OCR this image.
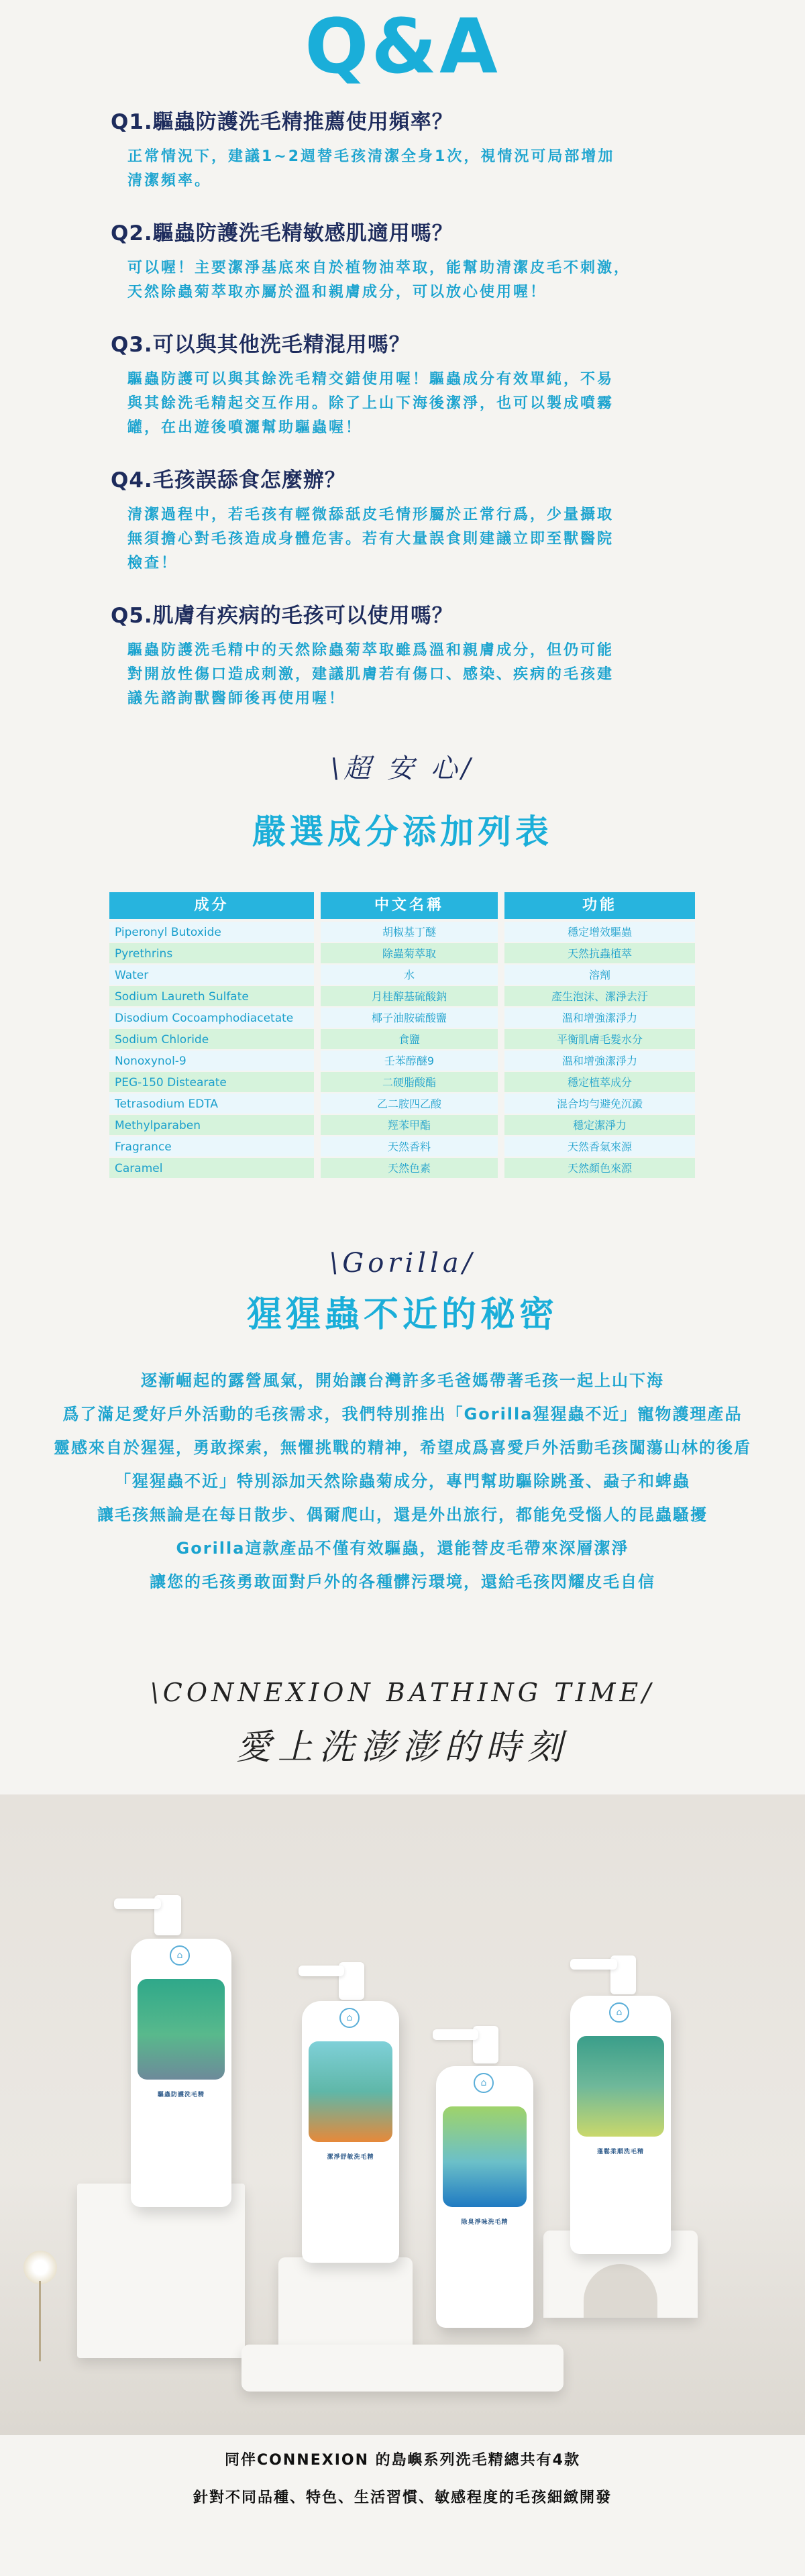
Q&A
Q1.驅蟲防護洗毛精推薦使用頻率？
正常情況下，建議1~2週替毛孩清潔全身1次，視情況可局部增加
清潔頻率。
Q2.驅蟲防護洗毛精敏感肌適用嗎？
可以喔！主要潔淨基底來自於植物油萃取，能幫助清潔皮毛不刺激，
天然除蟲菊萃取亦屬於溫和親膚成分，可以放心使用喔！
Q3.可以與其他洗毛精混用嗎？
驅蟲防護可以與其餘洗毛精交錯使用喔！驅蟲成分有效單純，不易
與其餘洗毛精起交互作用。除了上山下海後潔淨，也可以製成噴霧
罐，在出遊後噴灑幫助驅蟲喔！
Q4.毛孩誤舔食怎麼辦？
清潔過程中，若毛孩有輕微舔舐皮毛情形屬於正常行爲，少量攝取
無須擔心對毛孩造成身體危害。若有大量誤食則建議立即至獸醫院
檢查！
Q5.肌膚有疾病的毛孩可以使用嗎？
驅蟲防護洗毛精中的天然除蟲菊萃取雖爲溫和親膚成分，但仍可能
對開放性傷口造成刺激，建議肌膚若有傷口、感染、疾病的毛孩建
議先諮詢獸醫師後再使用喔！
\超 安 心/
嚴選成分添加列表
成分	中文名稱	功能
Piperonyl Butoxide	胡椒基丁醚	穩定增效驅蟲
Pyrethrins	除蟲菊萃取	天然抗蟲植萃
Water	水	溶劑
Sodium Laureth Sulfate	月桂醇基硫酸鈉	產生泡沫、潔淨去汙
Disodium Cocoamphodiacetate	椰子油胺硫酸鹽	溫和增強潔淨力
Sodium Chloride	食鹽	平衡肌膚毛髮水分
Nonoxynol-9	壬苯醇醚9	溫和增強潔淨力
PEG-150 Distearate	二硬脂酸酯	穩定植萃成分
Tetrasodium EDTA	乙二胺四乙酸	混合均勻避免沉澱
Methylparaben	羥苯甲酯	穩定潔淨力
Fragrance	天然香料	天然香氣來源
Caramel	天然色素	天然顏色來源
\Gorilla/
猩猩蟲不近的秘密

逐漸崛起的露營風氣，開始讓台灣許多毛爸媽帶著毛孩一起上山下海

爲了滿足愛好戶外活動的毛孩需求，我們特別推出「Gorilla猩猩蟲不近」寵物護理產品

靈感來自於猩猩，勇敢探索，無懼挑戰的精神，希望成爲喜愛戶外活動毛孩闖蕩山林的後盾

「猩猩蟲不近」特別添加天然除蟲菊成分，專門幫助驅除跳蚤、蝨子和蜱蟲

讓毛孩無論是在每日散步、偶爾爬山，還是外出旅行，都能免受惱人的昆蟲騷擾

Gorilla這款產品不僅有效驅蟲，還能替皮毛帶來深層潔淨

讓您的毛孩勇敢面對戶外的各種髒污環境，還給毛孩閃耀皮毛自信

\CONNEXION BATHING TIME/
愛上洗澎澎的時刻
⌂
驅蟲防護洗毛精
⌂
潔淨舒敏洗毛精
⌂
除臭淨味洗毛精
⌂
蓬鬆柔順洗毛精

同伴CONNEXION 的島嶼系列洗毛精總共有4款

針對不同品種、特色、生活習慣、敏感程度的毛孩細緻開發
